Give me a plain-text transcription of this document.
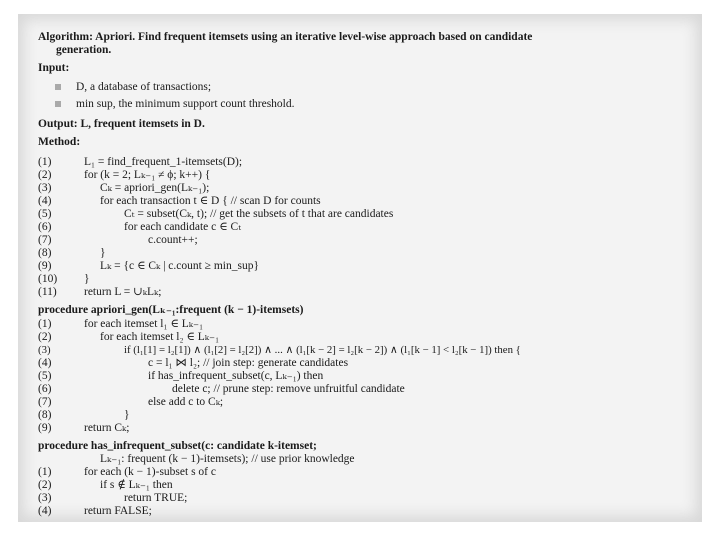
Algorithm: Apriori. Find frequent itemsets using an iterative level-wise approach based on candidate
generation.
Input:
D, a database of transactions;
min sup, the minimum support count threshold.
Output: L, frequent itemsets in D.
Method:
(1)	L₁ = find_frequent_1-itemsets(D);
(2)	for (k = 2; Lₖ₋₁ ≠ ϕ; k++) {
(3)	Cₖ = apriori_gen(Lₖ₋₁);
(4)	for each transaction t ∈ D { // scan D for counts
(5)	Cₜ = subset(Cₖ, t); // get the subsets of t that are candidates
(6)	for each candidate c ∈ Cₜ
(7)	c.count++;
(8)	}
(9)	Lₖ = {c ∈ Cₖ | c.count ≥ min_sup}
(10) }
(11) return L = ∪ₖLₖ;
procedure apriori_gen(Lₖ₋₁:frequent (k − 1)-itemsets)
(1)	for each itemset l₁ ∈ Lₖ₋₁
(2)	for each itemset l₂ ∈ Lₖ₋₁
(3)	if (l₁[1] = l₂[1]) ∧ (l₁[2] = l₂[2]) ∧ ... ∧ (l₁[k − 2] = l₂[k − 2]) ∧ (l₁[k − 1] < l₂[k − 1]) then {
(4)	c = l₁ ⋈ l₂; // join step: generate candidates
(5)	if has_infrequent_subset(c, Lₖ₋₁) then
(6)	delete c; // prune step: remove unfruitful candidate
(7)	else add c to Cₖ;
(8)	}
(9)	return Cₖ;
procedure has_infrequent_subset(c: candidate k-itemset;
Lₖ₋₁: frequent (k − 1)-itemsets); // use prior knowledge
(1)	for each (k − 1)-subset s of c
(2)	if s ∉ Lₖ₋₁ then
(3)	return TRUE;
(4)	return FALSE;
